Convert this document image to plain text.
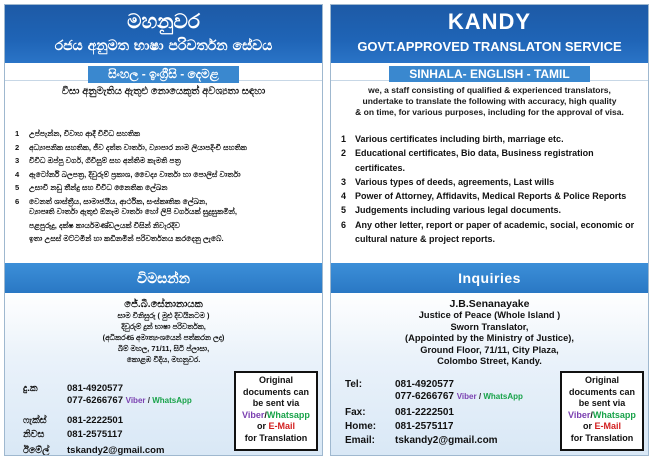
මහනුවර
රජය අනුමත භාෂා පරිවර්තන සේවය
සිංහල - ඉංග්‍රීසි - දෙමළ
වීසා අනුමැතිය ඇතුළු නොයෙකුත් අවශ්‍යතා සඳහා
1 උප්පැන්න, විවාහ ආදී විවිධ සහතික
2 අධ්‍යාපනික සහතික, ජීව දත්ත වාර්තා, ව්‍යාපාර නාම ලියාපදිංචි සහතික
3 විවිධ ඔප්පු වර්ග, ගිවිසුම් සහ අන්තිම කැමති පත්‍ර
4 ඇටෝර්නි බලපත්‍ර, දිවුරුම් ප්‍රකාශ, වෛද්‍ය වාර්තා හා පොලිස් වාර්තා
5 උසාවි නඩු තීන්දු සහ විවිධ නෛතික ලේඛන
6 වෙනත් ශාස්ත්‍රීය, සාමාජයීය, ආර්ථික, සංස්කෘතික ලේඛන,
ව්‍යාපෘති වාර්තා ඇතුළු ඕනෑම වාර්තා හෝ ලිපි වර්ගයක් සුදුසුකමින්,
පළපුරුදු, දක්ෂ කාර්යමණ්ඩලයක් විසින් නිවැරදිව
ඉතා උසස් මට්ටමින් හා කඩිනමින් පරිවර්තනය කරදෙනු ලැබේ.
විමසන්න
ජේ.බී.සේනානායක
සාම විනිසුරු ( මුළු දිවයිනටම )
දිවුරුම් දුන් භාෂා පරිවර්තක,
(අධිකරණ අමාත්‍යංශයෙන් පත්කරන ලද)
බිම් මහල, 71/11, සිටි ප්ලාසා,
කොළඹ වීදිය, මහනුවර.
දු.ක	081-4920577
077-6266767 Viber / WhatsApp
ෆැක්ස් 081-2222501
නිවස 081-2575117
ඊමේල් tskandy2@gmail.com
Original
documents can
be sent via
Viber/Whatsapp
or E-Mail
for Translation
KANDY
GOVT.APPROVED TRANSLATON SERVICE
SINHALA- ENGLISH - TAMIL
we, a staff consisting of qualified & experienced translators,
undertake to translate the following with accuracy, high quality
& on time, for various purposes, including for the approval of visa.
1 Various certificates including birth, marriage etc.
2 Educational certificates, Bio data, Business registration certificates.
3 Various types of deeds, agreements, Last wills
4 Power of Attorney, Affidavits, Medical Reports & Police Reports
5 Judgements including various legal documents.
6 Any other letter, report or paper of academic, social, economic or cultural nature & project reports.
Inquiries
J.B.Senanayake
Justice of Peace (Whole Island )
Sworn Translator,
(Appointed by the Ministry of Justice),
Ground Floor, 71/11, City Plaza,
Colombo Street, Kandy.
Tel:	081-4920577
077-6266767 Viber / WhatsApp
Fax:	081-2222501
Home: 081-2575117
Email: tskandy2@gmail.com
Original
documents can
be sent via
Viber/Whatsapp
or E-Mail
for Translation
